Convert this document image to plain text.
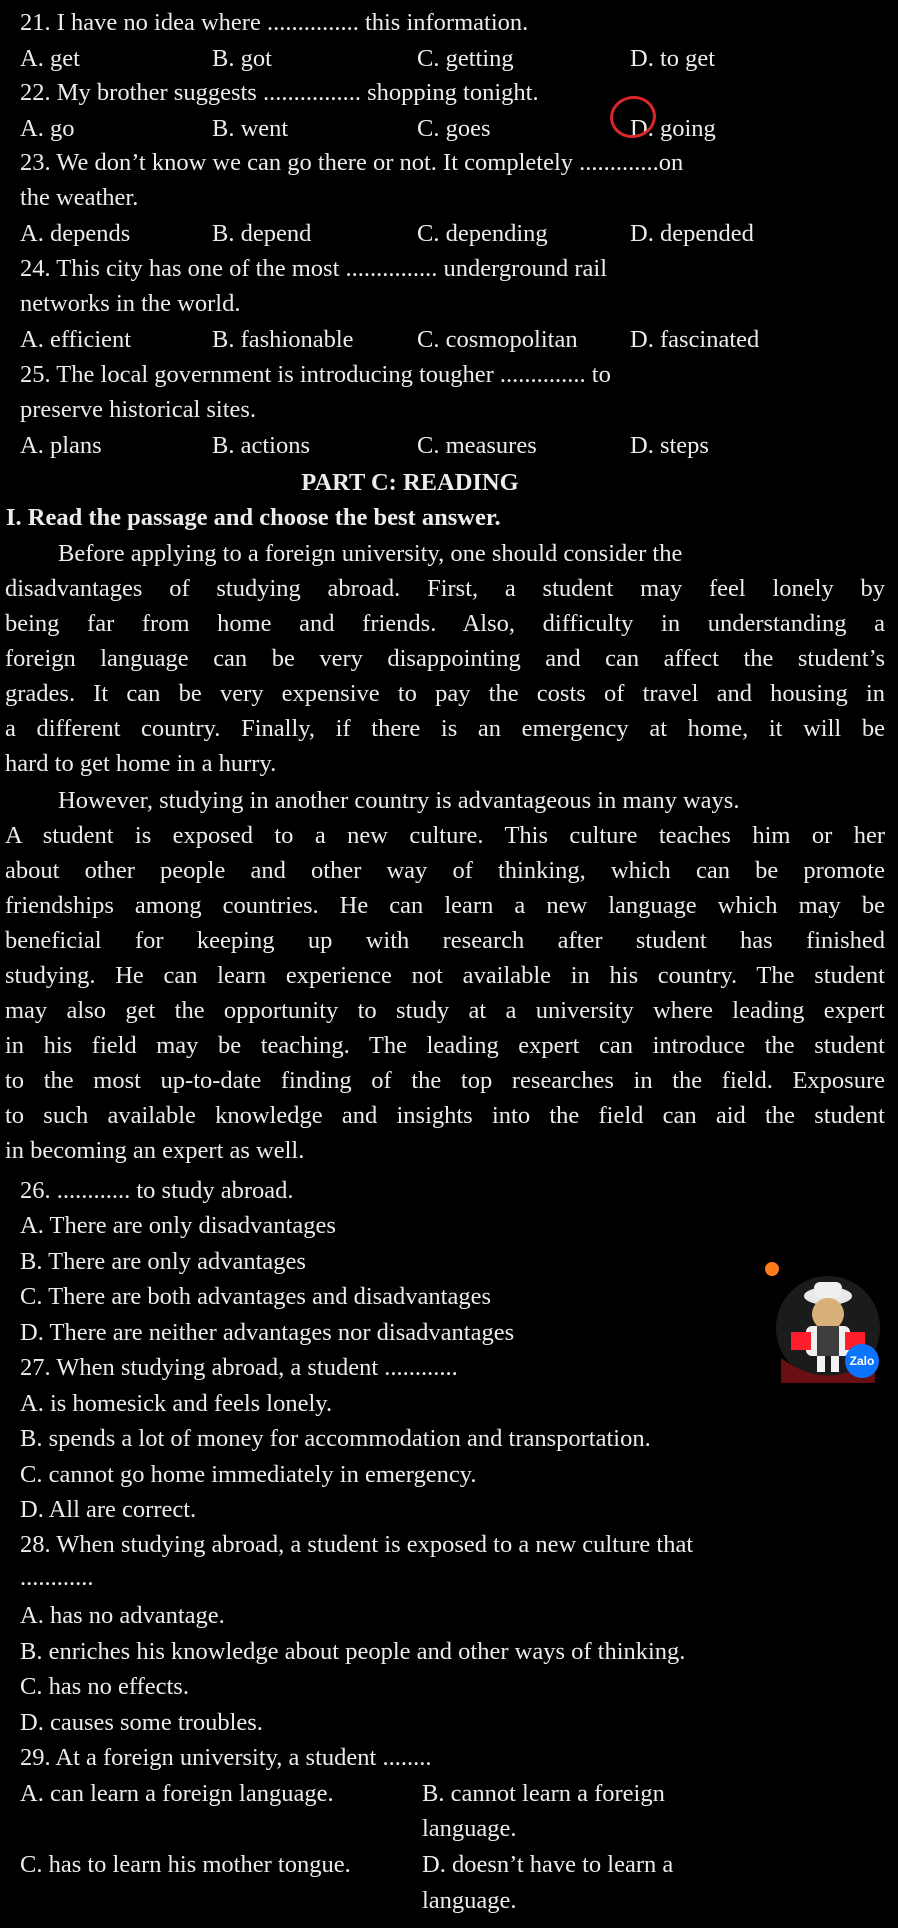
21. I have no idea where ............... this information.
A. get	B. got	C. getting	D. to get
22. My brother suggests ................ shopping tonight.
A. go	B. went	C. goes	D. going
23. We don’t know we can go there or not. It completely .............on
the weather.
A. depends	B. depend	C. depending	D. depended
24. This city has one of the most ............... underground rail
networks in the world.
A. efficient	B. fashionable	C. cosmopolitan D. fascinated
25. The local government is introducing tougher .............. to
preserve historical sites.
A. plans	B. actions	C. measures	D. steps
PART C: READING
I. Read the passage and choose the best answer.
Before applying to a foreign university, one should consider the
disadvantages of studying abroad. First, a student may feel lonely by
being far from home and friends. Also, difficulty in understanding a
foreign language can be very disappointing and can affect the student’s
grades. It can be very expensive to pay the costs of travel and housing in
a different country. Finally, if there is an emergency at home, it will be
hard to get home in a hurry.
However, studying in another country is advantageous in many ways.
A student is exposed to a new culture. This culture teaches him or her
about other people and other way of thinking, which can be promote
friendships among countries. He can learn a new language which may be
beneficial for keeping up with research after student has finished
studying. He can learn experience not available in his country. The student
may also get the opportunity to study at a university where leading expert
in his field may be teaching. The leading expert can introduce the student
to the most up-to-date finding of the top researches in the field. Exposure
to such available knowledge and insights into the field can aid the student
in becoming an expert as well.
26. ............ to study abroad.
A. There are only disadvantages
B. There are only advantages
C. There are both advantages and disadvantages
D. There are neither advantages nor disadvantages
27. When studying abroad, a student ............
A. is homesick and feels lonely.
B. spends a lot of money for accommodation and transportation.
C. cannot go home immediately in emergency.
D. All are correct.
28. When studying abroad, a student is exposed to a new culture that
............
A. has no advantage.
B. enriches his knowledge about people and other ways of thinking.
C. has no effects.
D. causes some troubles.
29. At a foreign university, a student ........
A. can learn a foreign language.	B. cannot learn a foreign
language.
C. has to learn his mother tongue.	D. doesn’t have to learn a
language.
Zalo
